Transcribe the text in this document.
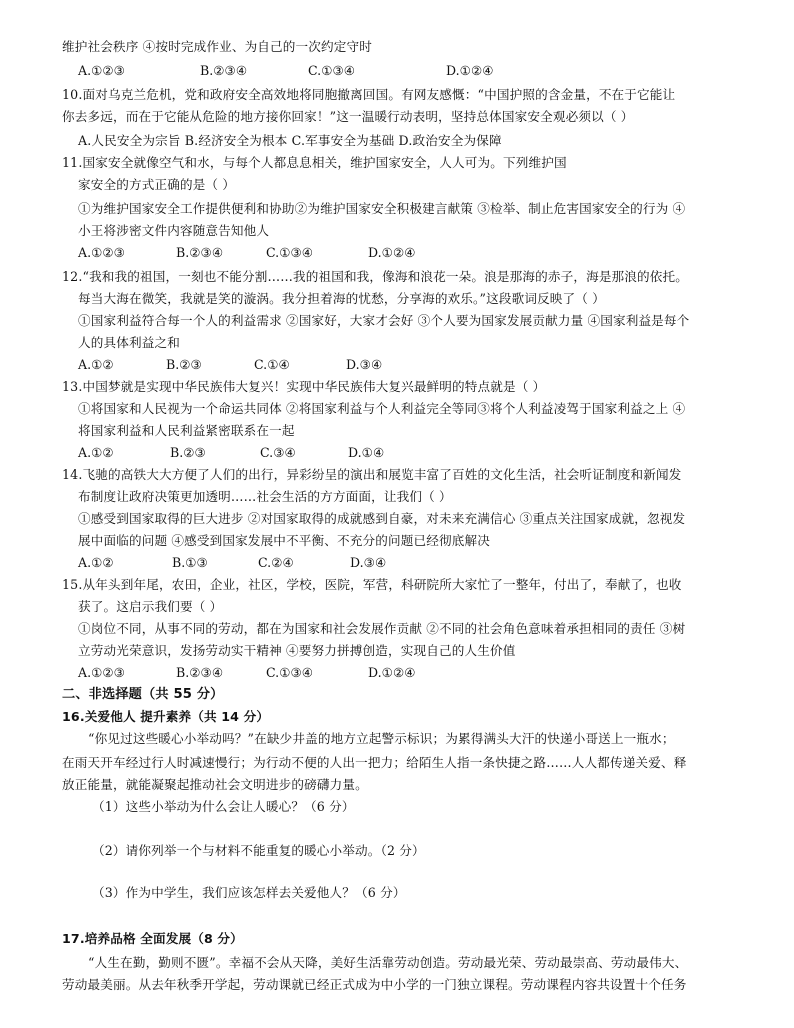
维护社会秩序 ④按时完成作业、为自己的一次约定守时
A.①②③	B.②③④	C.①③④	D.①②④
10.面对乌克兰危机，党和政府安全高效地将同胞撤离回国。有网友感慨：“中国护照的含金量，不在于它能让
你去多远，而在于它能从危险的地方接你回家！”这一温暖行动表明，坚持总体国家安全观必须以（ ）
A.人民安全为宗旨 B.经济安全为根本 C.军事安全为基础 D.政治安全为保障
11.国家安全就像空气和水，与每个人都息息相关，维护国家安全，人人可为。下列维护国
家安全的方式正确的是（ ）
①为维护国家安全工作提供便利和协助②为维护国家安全积极建言献策 ③检举、制止危害国家安全的行为 ④
小王将涉密文件内容随意告知他人
A.①②③	B.②③④	C.①③④	D.①②④
12.“我和我的祖国，一刻也不能分割……我的祖国和我，像海和浪花一朵。浪是那海的赤子，海是那浪的依托。
每当大海在微笑，我就是笑的漩涡。我分担着海的忧愁，分享海的欢乐。”这段歌词反映了（ ）
①国家利益符合每一个人的利益需求 ②国家好，大家才会好 ③个人要为国家发展贡献力量 ④国家利益是每个
人的具体利益之和
A.①②	B.②③	C.①④	D.③④
13.中国梦就是实现中华民族伟大复兴！实现中华民族伟大复兴最鲜明的特点就是（ ）
①将国家和人民视为一个命运共同体 ②将国家利益与个人利益完全等同③将个人利益凌驾于国家利益之上 ④
将国家利益和人民利益紧密联系在一起
A.①②	B.②③	C.③④	D.①④
14.飞驰的高铁大大方便了人们的出行，异彩纷呈的演出和展览丰富了百姓的文化生活，社会听证制度和新闻发
布制度让政府决策更加透明……社会生活的方方面面，让我们（ ）
①感受到国家取得的巨大进步 ②对国家取得的成就感到自豪，对未来充满信心 ③重点关注国家成就，忽视发
展中面临的问题 ④感受到国家发展中不平衡、不充分的问题已经彻底解决
A.①②	B.①③	C.②④	D.③④
15.从年头到年尾，农田，企业，社区，学校，医院，军营，科研院所大家忙了一整年，付出了，奉献了，也收
获了。这启示我们要（ ）
①岗位不同，从事不同的劳动，都在为国家和社会发展作贡献 ②不同的社会角色意味着承担相同的责任 ③树
立劳动光荣意识，发扬劳动实干精神 ④要努力拼搏创造，实现自己的人生价值
A.①②③	B.②③④	C.①③④	D.①②④
二、非选择题（共 55 分）
16.关爱他人 提升素养（共 14 分）
“你见过这些暖心小举动吗？”在缺少井盖的地方立起警示标识；为累得满头大汗的快递小哥送上一瓶水；
在雨天开车经过行人时减速慢行；为行动不便的人出一把力；给陌生人指一条快捷之路……人人都传递关爱、释
放正能量，就能凝聚起推动社会文明进步的磅礴力量。
（1）这些小举动为什么会让人暖心？（6 分）
（2）请你列举一个与材料不能重复的暖心小举动。（2 分）
（3）作为中学生，我们应该怎样去关爱他人？（6 分）
17.培养品格 全面发展（8 分）
“人生在勤，勤则不匮”。幸福不会从天降，美好生活靠劳动创造。劳动最光荣、劳动最崇高、劳动最伟大、
劳动最美丽。从去年秋季开学起，劳动课就已经正式成为中小学的一门独立课程。劳动课程内容共设置十个任务
